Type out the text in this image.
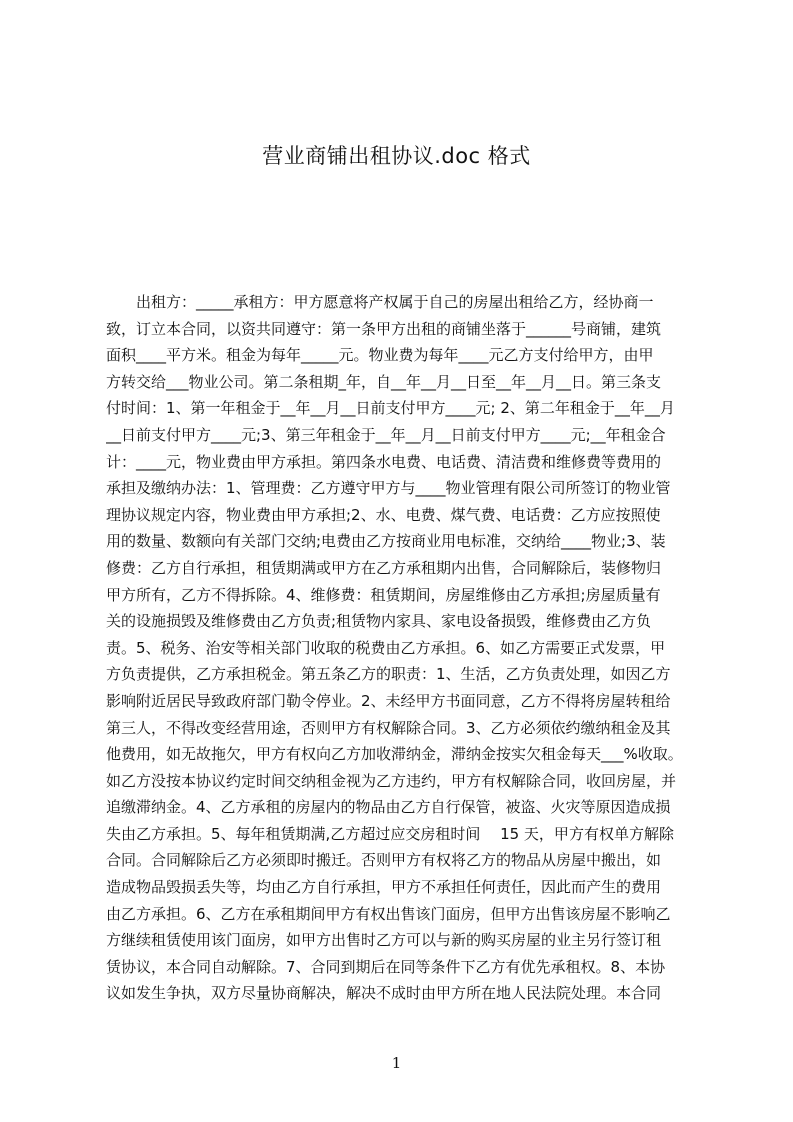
营业商铺出租协议.doc 格式
　　出租方：_____承租方：甲方愿意将产权属于自己的房屋出租给乙方，经协商一
致，订立本合同，以资共同遵守：第一条甲方出租的商铺坐落于______号商铺，建筑
面积____平方米。租金为每年_____元。物业费为每年____元乙方支付给甲方，由甲
方转交给___物业公司。第二条租期_年，自__年__月__日至__年__月__日。第三条支
付时间：1、第一年租金于__年__月__日前支付甲方____元; 2、第二年租金于__年__月
__日前支付甲方____元;3、第三年租金于__年__月__日前支付甲方____元;__年租金合
计：____元，物业费由甲方承担。第四条水电费、电话费、清洁费和维修费等费用的
承担及缴纳办法：1、管理费：乙方遵守甲方与____物业管理有限公司所签订的物业管
理协议规定内容，物业费由甲方承担;2、水、电费、煤气费、电话费：乙方应按照使
用的数量、数额向有关部门交纳;电费由乙方按商业用电标准，交纳给____物业;3、装
修费：乙方自行承担，租赁期满或甲方在乙方承租期内出售，合同解除后，装修物归
甲方所有，乙方不得拆除。4、维修费：租赁期间，房屋维修由乙方承担;房屋质量有
关的设施损毁及维修费由乙方负责;租赁物内家具、家电设备损毁，维修费由乙方负
责。5、税务、治安等相关部门收取的税费由乙方承担。6、如乙方需要正式发票，甲
方负责提供，乙方承担税金。第五条乙方的职责：1、生活，乙方负责处理，如因乙方
影响附近居民导致政府部门勒令停业。2、未经甲方书面同意，乙方不得将房屋转租给
第三人，不得改变经营用途，否则甲方有权解除合同。3、乙方必须依约缴纳租金及其
他费用，如无故拖欠，甲方有权向乙方加收滞纳金，滞纳金按实欠租金每天___%收取。
如乙方没按本协议约定时间交纳租金视为乙方违约，甲方有权解除合同，收回房屋，并
追缴滞纳金。4、乙方承租的房屋内的物品由乙方自行保管，被盗、火灾等原因造成损
失由乙方承担。5、每年租赁期满,乙方超过应交房租时间　 15 天，甲方有权单方解除
合同。合同解除后乙方必须即时搬迁。否则甲方有权将乙方的物品从房屋中搬出，如
造成物品毁损丢失等，均由乙方自行承担，甲方不承担任何责任，因此而产生的费用
由乙方承担。6、乙方在承租期间甲方有权出售该门面房，但甲方出售该房屋不影响乙
方继续租赁使用该门面房，如甲方出售时乙方可以与新的购买房屋的业主另行签订租
赁协议，本合同自动解除。7、合同到期后在同等条件下乙方有优先承租权。8、本协
议如发生争执，双方尽量协商解决，解决不成时由甲方所在地人民法院处理。本合同
1
